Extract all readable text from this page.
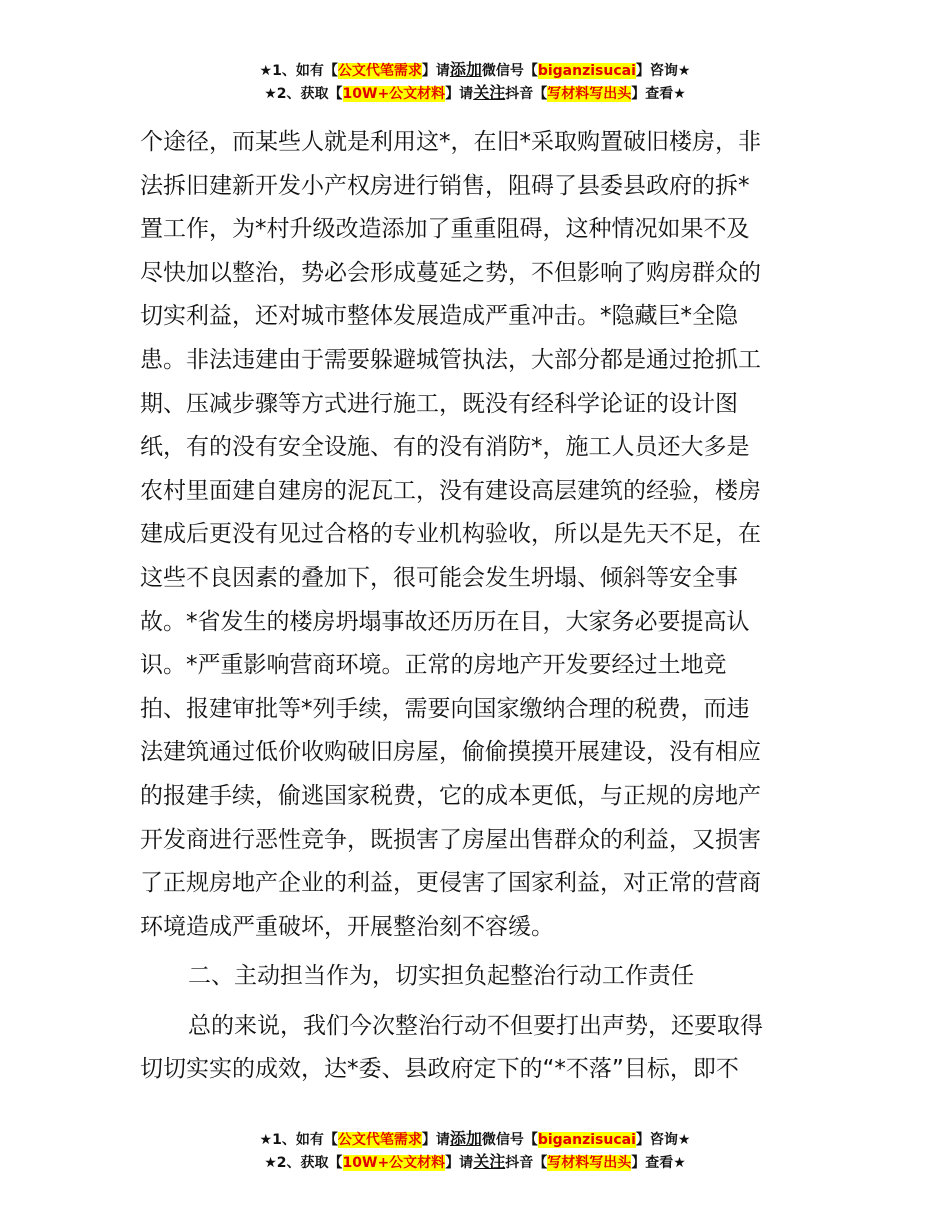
★1、如有【公文代笔需求】请添加微信号【biganzisucai】咨询★
★2、获取【10W+公文材料】请关注抖音【写材料写出头】查看★
个途径，而某些人就是利用这*，在旧*采取购置破旧楼房，非
法拆旧建新开发小产权房进行销售，阻碍了县委县政府的拆*
置工作，为*村升级改造添加了重重阻碍，这种情况如果不及
尽快加以整治，势必会形成蔓延之势，不但影响了购房群众的
切实利益，还对城市整体发展造成严重冲击。*隐藏巨*全隐
患。非法违建由于需要躲避城管执法，大部分都是通过抢抓工
期、压减步骤等方式进行施工，既没有经科学论证的设计图
纸，有的没有安全设施、有的没有消防*，施工人员还大多是
农村里面建自建房的泥瓦工，没有建设高层建筑的经验，楼房
建成后更没有见过合格的专业机构验收，所以是先天不足，在
这些不良因素的叠加下，很可能会发生坍塌、倾斜等安全事
故。*省发生的楼房坍塌事故还历历在目，大家务必要提高认
识。*严重影响营商环境。正常的房地产开发要经过土地竞
拍、报建审批等*列手续，需要向国家缴纳合理的税费，而违
法建筑通过低价收购破旧房屋，偷偷摸摸开展建设，没有相应
的报建手续，偷逃国家税费，它的成本更低，与正规的房地产
开发商进行恶性竞争，既损害了房屋出售群众的利益，又损害
了正规房地产企业的利益，更侵害了国家利益，对正常的营商
环境造成严重破坏，开展整治刻不容缓。
二、主动担当作为，切实担负起整治行动工作责任
总的来说，我们今次整治行动不但要打出声势，还要取得
切切实实的成效，达*委、县政府定下的“*不落”目标，即不
★1、如有【公文代笔需求】请添加微信号【biganzisucai】咨询★
★2、获取【10W+公文材料】请关注抖音【写材料写出头】查看★
